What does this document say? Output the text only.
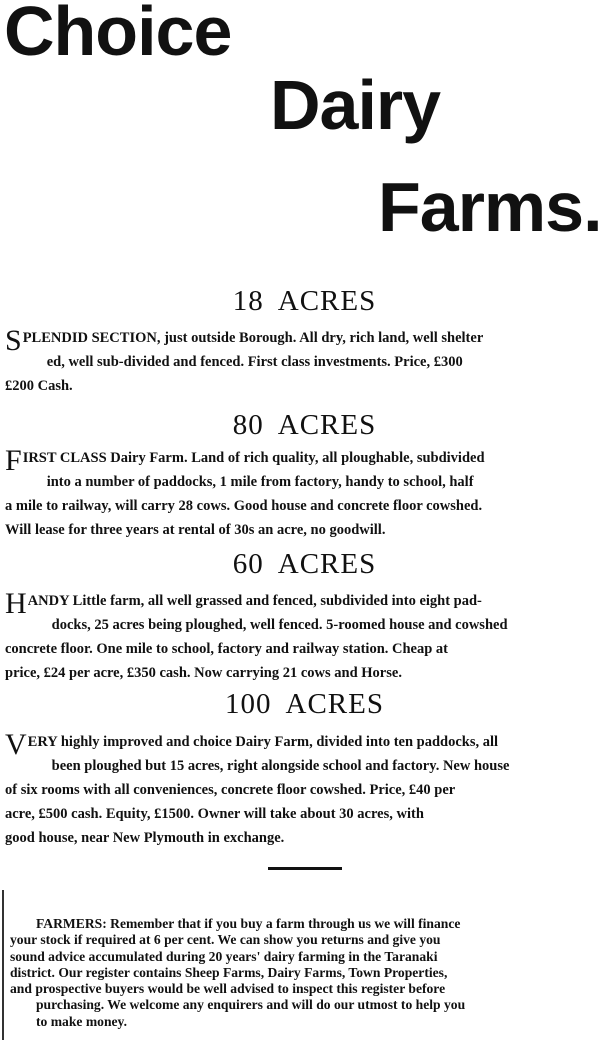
Choice
Dairy
Farms.
18 ACRES
S PLENDID SECTION, just outside Borough. All dry, rich land, well shelter
ed, well sub-divided and fenced. First class investments. Price, £300
£200 Cash.
80 ACRES
F IRST CLASS Dairy Farm. Land of rich quality, all ploughable, subdivided
into a number of paddocks, 1 mile from factory, handy to school, half
a mile to railway, will carry 28 cows. Good house and concrete floor cowshed.
Will lease for three years at rental of 30s an acre, no goodwill.
60 ACRES
H ANDY Little farm, all well grassed and fenced, subdivided into eight pad-
docks, 25 acres being ploughed, well fenced. 5-roomed house and cowshed
concrete floor. One mile to school, factory and railway station. Cheap at
price, £24 per acre, £350 cash. Now carrying 21 cows and Horse.
100 ACRES
V ERY highly improved and choice Dairy Farm, divided into ten paddocks, all
been ploughed but 15 acres, right alongside school and factory. New house
of six rooms with all conveniences, concrete floor cowshed. Price, £40 per
acre, £500 cash. Equity, £1500. Owner will take about 30 acres, with
good house, near New Plymouth in exchange.
FARMERS: Remember that if you buy a farm through us we will finance
your stock if required at 6 per cent. We can show you returns and give you
sound advice accumulated during 20 years' dairy farming in the Taranaki
district. Our register contains Sheep Farms, Dairy Farms, Town Properties,
and prospective buyers would be well advised to inspect this register before
purchasing. We welcome any enquirers and will do our utmost to help you
to make money.
